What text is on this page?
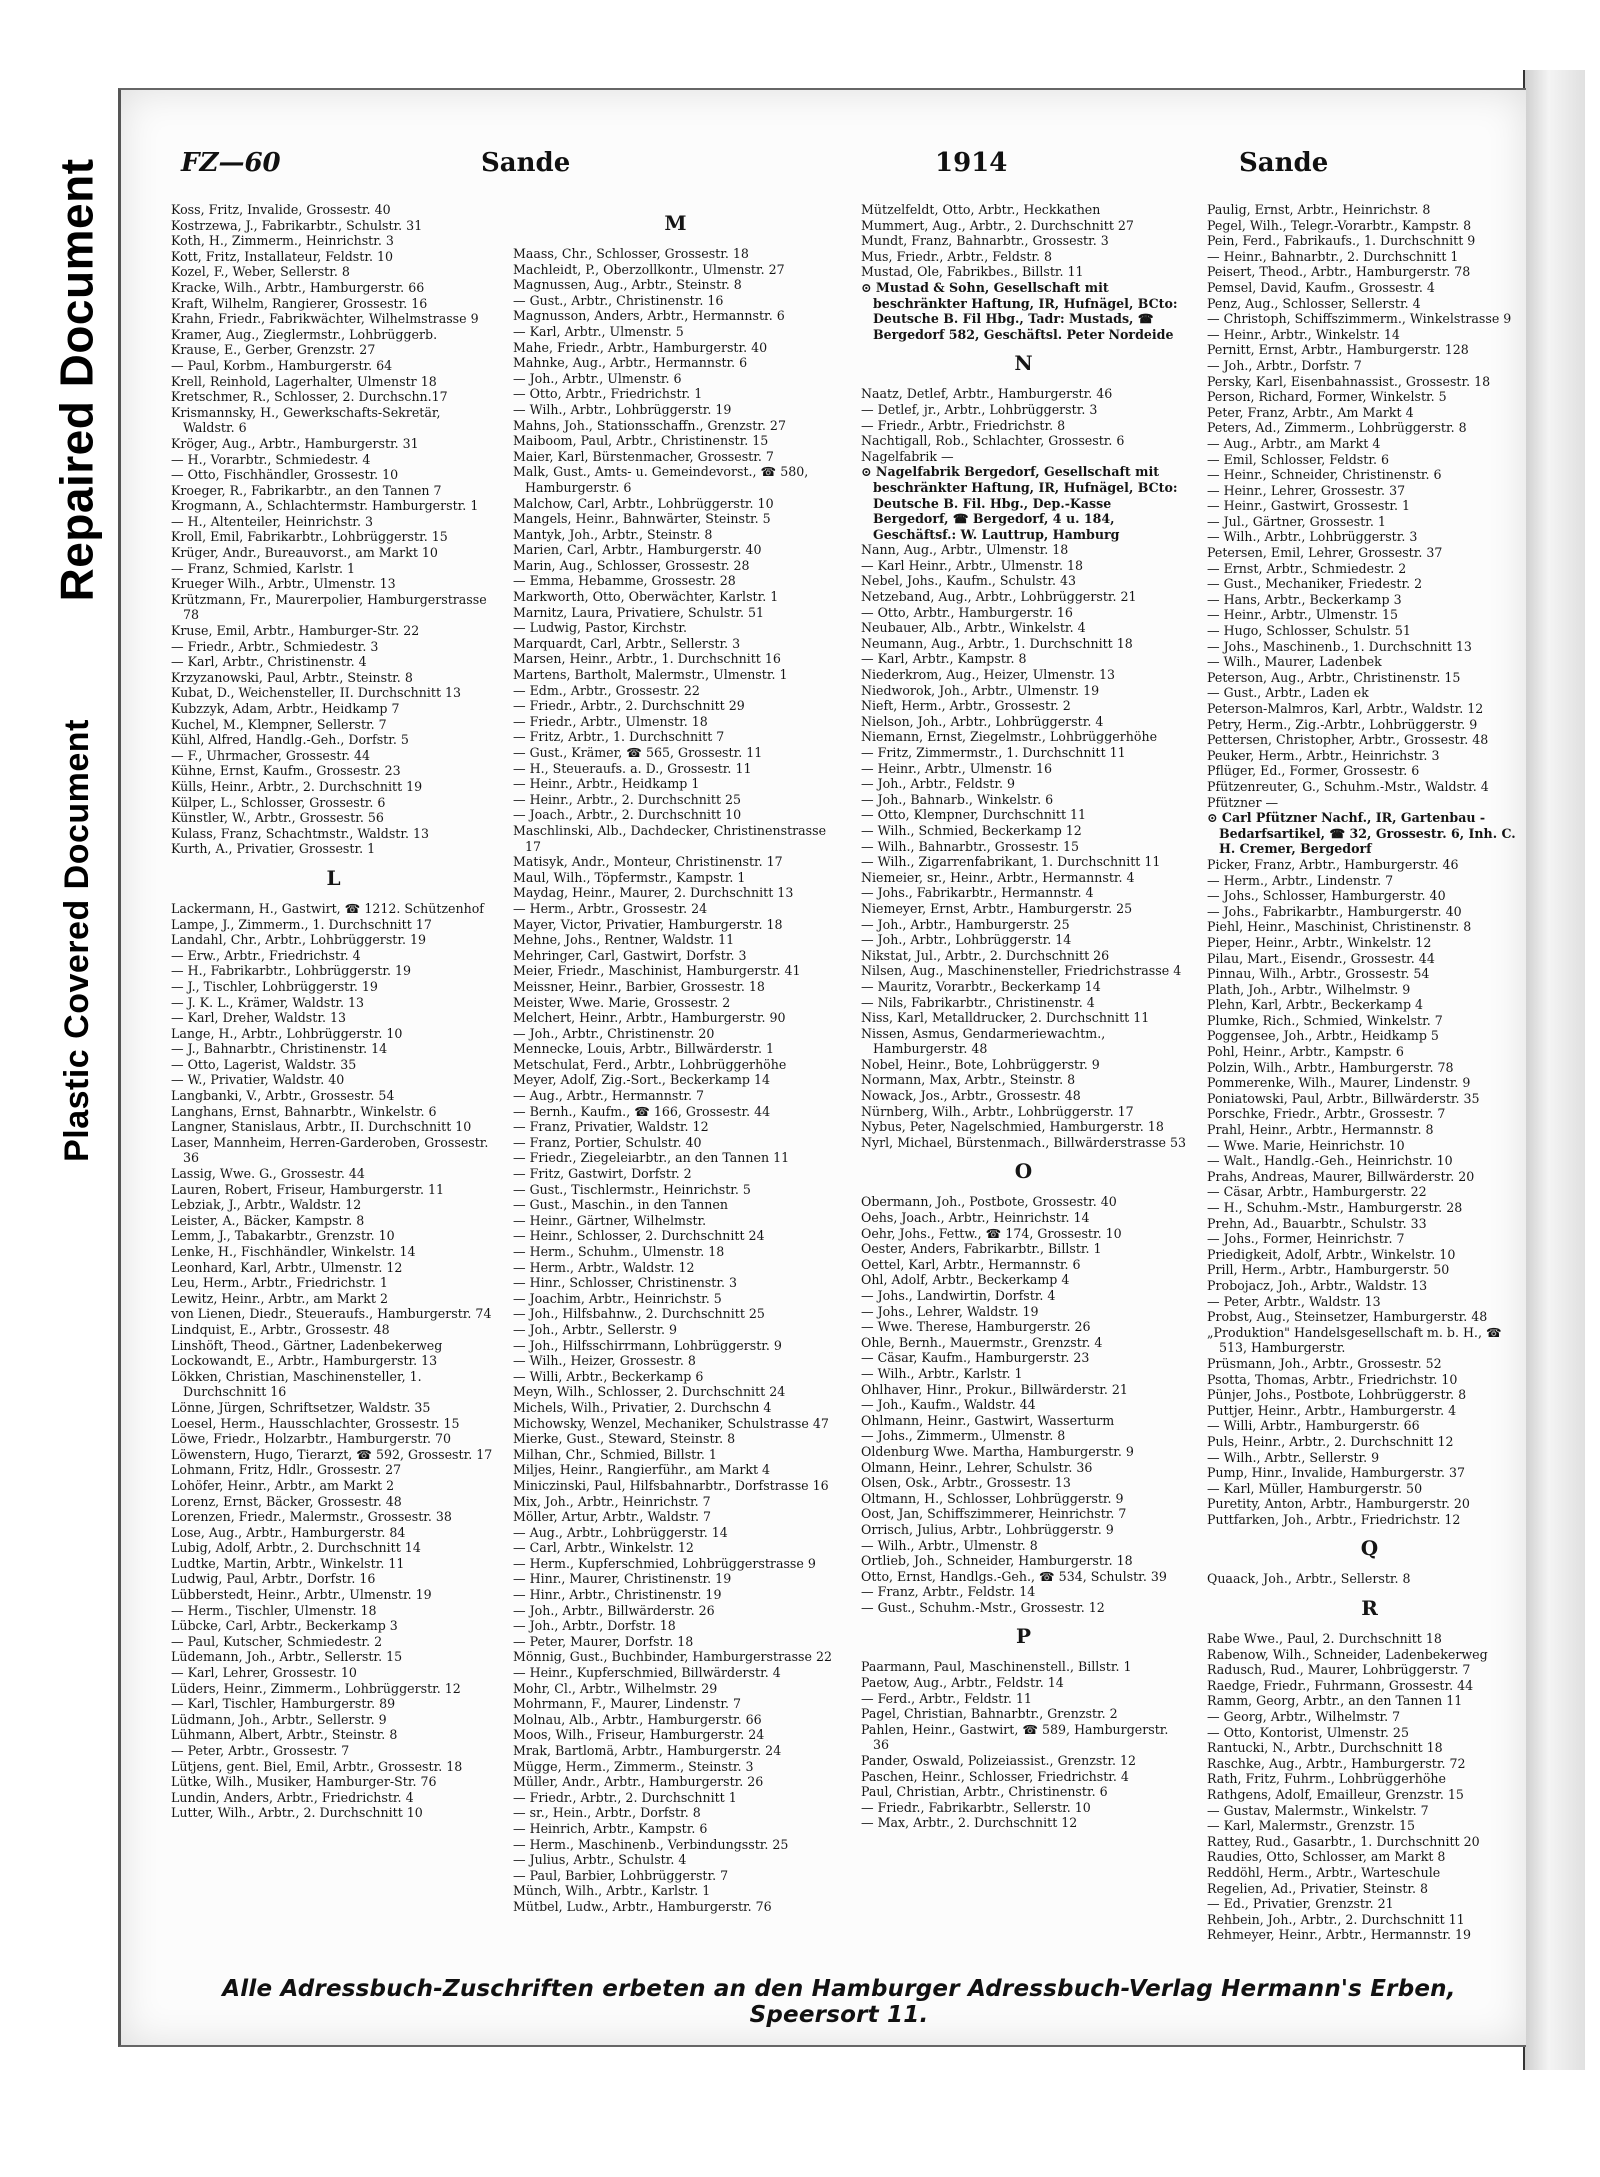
Repaired Document
Plastic Covered Document
FZ—60	Sande	1914	Sande
Koss, Fritz, Invalide, Grossestr. 40
Kostrzewa, J., Fabrikarbtr., Schulstr. 31
Koth, H., Zimmerm., Heinrichstr. 3
Kott, Fritz, Installateur, Feldstr. 10
Kozel, F., Weber, Sellerstr. 8
Kracke, Wilh., Arbtr., Hamburgerstr. 66
Kraft, Wilhelm, Rangierer, Grossestr. 16
Krahn, Friedr., Fabrikwächter, Wilhelmstrasse 9
Kramer, Aug., Zieglermstr., Lohbrüggerb.
Krause, E., Gerber, Grenzstr. 27
— Paul, Korbm., Hamburgerstr. 64
Krell, Reinhold, Lagerhalter, Ulmenstr 18
Kretschmer, R., Schlosser, 2. Durchschn.17
Krismannsky, H., Gewerkschafts-Sekretär, Waldstr. 6
Kröger, Aug., Arbtr., Hamburgerstr. 31
— H., Vorarbtr., Schmiedestr. 4
— Otto, Fischhändler, Grossestr. 10
Kroeger, R., Fabrikarbtr., an den Tannen 7
Krogmann, A., Schlachtermstr. Hamburgerstr. 1
— H., Altenteiler, Heinrichstr. 3
Kroll, Emil, Fabrikarbtr., Lohbrüggerstr. 15
Krüger, Andr., Bureauvorst., am Markt 10
— Franz, Schmied, Karlstr. 1
Krueger Wilh., Arbtr., Ulmenstr. 13
Krützmann, Fr., Maurerpolier, Hamburgerstrasse 78
Kruse, Emil, Arbtr., Hamburger-Str. 22
— Friedr., Arbtr., Schmiedestr. 3
— Karl, Arbtr., Christinenstr. 4
Krzyzanowski, Paul, Arbtr., Steinstr. 8
Kubat, D., Weichensteller, II. Durchschnitt 13
Kubzzyk, Adam, Arbtr., Heidkamp 7
Kuchel, M., Klempner, Sellerstr. 7
Kühl, Alfred, Handlg.-Geh., Dorfstr. 5
— F., Uhrmacher, Grossestr. 44
Kühne, Ernst, Kaufm., Grossestr. 23
Külls, Heinr., Arbtr., 2. Durchschnitt 19
Külper, L., Schlosser, Grossestr. 6
Künstler, W., Arbtr., Grossestr. 56
Kulass, Franz, Schachtmstr., Waldstr. 13
Kurth, A., Privatier, Grossestr. 1
L
Lackermann, H., Gastwirt, ☎ 1212. Schützenhof
Lampe, J., Zimmerm., 1. Durchschnitt 17
Landahl, Chr., Arbtr., Lohbrüggerstr. 19
— Erw., Arbtr., Friedrichstr. 4
— H., Fabrikarbtr., Lohbrüggerstr. 19
— J., Tischler, Lohbrüggerstr. 19
— J. K. L., Krämer, Waldstr. 13
— Karl, Dreher, Waldstr. 13
Lange, H., Arbtr., Lohbrüggerstr. 10
— J., Bahnarbtr., Christinenstr. 14
— Otto, Lagerist, Waldstr. 35
— W., Privatier, Waldstr. 40
Langbanki, V., Arbtr., Grossestr. 54
Langhans, Ernst, Bahnarbtr., Winkelstr. 6
Langner, Stanislaus, Arbtr., II. Durchschnitt 10
Laser, Mannheim, Herren-Garderoben, Grossestr. 36
Lassig, Wwe. G., Grossestr. 44
Lauren, Robert, Friseur, Hamburgerstr. 11
Lebziak, J., Arbtr., Waldstr. 12
Leister, A., Bäcker, Kampstr. 8
Lemm, J., Tabakarbtr., Grenzstr. 10
Lenke, H., Fischhändler, Winkelstr. 14
Leonhard, Karl, Arbtr., Ulmenstr. 12
Leu, Herm., Arbtr., Friedrichstr. 1
Lewitz, Heinr., Arbtr., am Markt 2
von Lienen, Diedr., Steueraufs., Hamburgerstr. 74
Lindquist, E., Arbtr., Grossestr. 48
Linshöft, Theod., Gärtner, Ladenbekerweg
Lockowandt, E., Arbtr., Hamburgerstr. 13
Lökken, Christian, Maschinensteller, 1. Durchschnitt 16
Lönne, Jürgen, Schriftsetzer, Waldstr. 35
Loesel, Herm., Hausschlachter, Grossestr. 15
Löwe, Friedr., Holzarbtr., Hamburgerstr. 70
Löwenstern, Hugo, Tierarzt, ☎ 592, Grossestr. 17
Lohmann, Fritz, Hdlr., Grossestr. 27
Lohöfer, Heinr., Arbtr., am Markt 2
Lorenz, Ernst, Bäcker, Grossestr. 48
Lorenzen, Friedr., Malermstr., Grossestr. 38
Lose, Aug., Arbtr., Hamburgerstr. 84
Lubig, Adolf, Arbtr., 2. Durchschnitt 14
Ludtke, Martin, Arbtr., Winkelstr. 11
Ludwig, Paul, Arbtr., Dorfstr. 16
Lübberstedt, Heinr., Arbtr., Ulmenstr. 19
— Herm., Tischler, Ulmenstr. 18
Lübcke, Carl, Arbtr., Beckerkamp 3
— Paul, Kutscher, Schmiedestr. 2
Lüdemann, Joh., Arbtr., Sellerstr. 15
— Karl, Lehrer, Grossestr. 10
Lüders, Heinr., Zimmerm., Lohbrüggerstr. 12
— Karl, Tischler, Hamburgerstr. 89
Lüdmann, Joh., Arbtr., Sellerstr. 9
Lühmann, Albert, Arbtr., Steinstr. 8
— Peter, Arbtr., Grossestr. 7
Lütjens, gent. Biel, Emil, Arbtr., Grossestr. 18
Lütke, Wilh., Musiker, Hamburger-Str. 76
Lundin, Anders, Arbtr., Friedrichstr. 4
Lutter, Wilh., Arbtr., 2. Durchschnitt 10
M
Maass, Chr., Schlosser, Grossestr. 18
Machleidt, P., Oberzollkontr., Ulmenstr. 27
Magnussen, Aug., Arbtr., Steinstr. 8
— Gust., Arbtr., Christinenstr. 16
Magnusson, Anders, Arbtr., Hermannstr. 6
— Karl, Arbtr., Ulmenstr. 5
Mahe, Friedr., Arbtr., Hamburgerstr. 40
Mahnke, Aug., Arbtr., Hermannstr. 6
— Joh., Arbtr., Ulmenstr. 6
— Otto, Arbtr., Friedrichstr. 1
— Wilh., Arbtr., Lohbrüggerstr. 19
Mahns, Joh., Stationsschaffn., Grenzstr. 27
Maiboom, Paul, Arbtr., Christinenstr. 15
Maier, Karl, Bürstenmacher, Grossestr. 7
Malk, Gust., Amts- u. Gemeindevorst., ☎ 580, Hamburgerstr. 6
Malchow, Carl, Arbtr., Lohbrüggerstr. 10
Mangels, Heinr., Bahnwärter, Steinstr. 5
Mantyk, Joh., Arbtr., Steinstr. 8
Marien, Carl, Arbtr., Hamburgerstr. 40
Marin, Aug., Schlosser, Grossestr. 28
— Emma, Hebamme, Grossestr. 28
Markworth, Otto, Oberwächter, Karlstr. 1
Marnitz, Laura, Privatiere, Schulstr. 51
— Ludwig, Pastor, Kirchstr.
Marquardt, Carl, Arbtr., Sellerstr. 3
Marsen, Heinr., Arbtr., 1. Durchschnitt 16
Martens, Bartholt, Malermstr., Ulmenstr. 1
— Edm., Arbtr., Grossestr. 22
— Friedr., Arbtr., 2. Durchschnitt 29
— Friedr., Arbtr., Ulmenstr. 18
— Fritz, Arbtr., 1. Durchschnitt 7
— Gust., Krämer, ☎ 565, Grossestr. 11
— H., Steueraufs. a. D., Grossestr. 11
— Heinr., Arbtr., Heidkamp 1
— Heinr., Arbtr., 2. Durchschnitt 25
— Joach., Arbtr., 2. Durchschnitt 10
Maschlinski, Alb., Dachdecker, Christinenstrasse 17
Matisyk, Andr., Monteur, Christinenstr. 17
Maul, Wilh., Töpfermstr., Kampstr. 1
Maydag, Heinr., Maurer, 2. Durchschnitt 13
— Herm., Arbtr., Grossestr. 24
Mayer, Victor, Privatier, Hamburgerstr. 18
Mehne, Johs., Rentner, Waldstr. 11
Mehringer, Carl, Gastwirt, Dorfstr. 3
Meier, Friedr., Maschinist, Hamburgerstr. 41
Meissner, Heinr., Barbier, Grossestr. 18
Meister, Wwe. Marie, Grossestr. 2
Melchert, Heinr., Arbtr., Hamburgerstr. 90
— Joh., Arbtr., Christinenstr. 20
Mennecke, Louis, Arbtr., Billwärderstr. 1
Metschulat, Ferd., Arbtr., Lohbrüggerhöhe
Meyer, Adolf, Zig.-Sort., Beckerkamp 14
— Aug., Arbtr., Hermannstr. 7
— Bernh., Kaufm., ☎ 166, Grossestr. 44
— Franz, Privatier, Waldstr. 12
— Franz, Portier, Schulstr. 40
— Friedr., Ziegeleiarbtr., an den Tannen 11
— Fritz, Gastwirt, Dorfstr. 2
— Gust., Tischlermstr., Heinrichstr. 5
— Gust., Maschin., in den Tannen
— Heinr., Gärtner, Wilhelmstr.
— Heinr., Schlosser, 2. Durchschnitt 24
— Herm., Schuhm., Ulmenstr. 18
— Herm., Arbtr., Waldstr. 12
— Hinr., Schlosser, Christinenstr. 3
— Joachim, Arbtr., Heinrichstr. 5
— Joh., Hilfsbahnw., 2. Durchschnitt 25
— Joh., Arbtr., Sellerstr. 9
— Joh., Hilfsschirrmann, Lohbrüggerstr. 9
— Wilh., Heizer, Grossestr. 8
— Willi, Arbtr., Beckerkamp 6
Meyn, Wilh., Schlosser, 2. Durchschnitt 24
Michels, Wilh., Privatier, 2. Durchschn 4
Michowsky, Wenzel, Mechaniker, Schulstrasse 47
Mierke, Gust., Steward, Steinstr. 8
Milhan, Chr., Schmied, Billstr. 1
Miljes, Heinr., Rangierführ., am Markt 4
Miniczinski, Paul, Hilfsbahnarbtr., Dorfstrasse 16
Mix, Joh., Arbtr., Heinrichstr. 7
Möller, Artur, Arbtr., Waldstr. 7
— Aug., Arbtr., Lohbrüggerstr. 14
— Carl, Arbtr., Winkelstr. 12
— Herm., Kupferschmied, Lohbrüggerstrasse 9
— Hinr., Maurer, Christinenstr. 19
— Hinr., Arbtr., Christinenstr. 19
— Joh., Arbtr., Billwärderstr. 26
— Joh., Arbtr., Dorfstr. 18
— Peter, Maurer, Dorfstr. 18
Mönnig, Gust., Buchbinder, Hamburgerstrasse 22
— Heinr., Kupferschmied, Billwärderstr. 4
Mohr, Cl., Arbtr., Wilhelmstr. 29
Mohrmann, F., Maurer, Lindenstr. 7
Molnau, Alb., Arbtr., Hamburgerstr. 66
Moos, Wilh., Friseur, Hamburgerstr. 24
Mrak, Bartlomä, Arbtr., Hamburgerstr. 24
Mügge, Herm., Zimmerm., Steinstr. 3
Müller, Andr., Arbtr., Hamburgerstr. 26
— Friedr., Arbtr., 2. Durchschnitt 1
— sr., Hein., Arbtr., Dorfstr. 8
— Heinrich, Arbtr., Kampstr. 6
— Herm., Maschinenb., Verbindungsstr. 25
— Julius, Arbtr., Schulstr. 4
— Paul, Barbier, Lohbrüggerstr. 7
Münch, Wilh., Arbtr., Karlstr. 1
Mütbel, Ludw., Arbtr., Hamburgerstr. 76
Mützelfeldt, Otto, Arbtr., Heckkathen
Mummert, Aug., Arbtr., 2. Durchschnitt 27
Mundt, Franz, Bahnarbtr., Grossestr. 3
Mus, Friedr., Arbtr., Feldstr. 8
Mustad, Ole, Fabrikbes., Billstr. 11
⊙ Mustad & Sohn, Gesellschaft mit beschränkter Haftung, IR, Hufnägel, BCto: Deutsche B. Fil Hbg., Tadr: Mustads, ☎ Bergedorf 582, Geschäftsl. Peter Nordeide
N
Naatz, Detlef, Arbtr., Hamburgerstr. 46
— Detlef, jr., Arbtr., Lohbrüggerstr. 3
— Friedr., Arbtr., Friedrichstr. 8
Nachtigall, Rob., Schlachter, Grossestr. 6
Nagelfabrik —
⊙ Nagelfabrik Bergedorf, Gesellschaft mit beschränkter Haftung, IR, Hufnägel, BCto: Deutsche B. Fil. Hbg., Dep.-Kasse Bergedorf, ☎ Bergedorf, 4 u. 184, Geschäftsf.: W. Lauttrup, Hamburg
Nann, Aug., Arbtr., Ulmenstr. 18
— Karl Heinr., Arbtr., Ulmenstr. 18
Nebel, Johs., Kaufm., Schulstr. 43
Netzeband, Aug., Arbtr., Lohbrüggerstr. 21
— Otto, Arbtr., Hamburgerstr. 16
Neubauer, Alb., Arbtr., Winkelstr. 4
Neumann, Aug., Arbtr., 1. Durchschnitt 18
— Karl, Arbtr., Kampstr. 8
Niederkrom, Aug., Heizer, Ulmenstr. 13
Niedworok, Joh., Arbtr., Ulmenstr. 19
Nieft, Herm., Arbtr., Grossestr. 2
Nielson, Joh., Arbtr., Lohbrüggerstr. 4
Niemann, Ernst, Ziegelmstr., Lohbrüggerhöhe
— Fritz, Zimmermstr., 1. Durchschnitt 11
— Heinr., Arbtr., Ulmenstr. 16
— Joh., Arbtr., Feldstr. 9
— Joh., Bahnarb., Winkelstr. 6
— Otto, Klempner, Durchschnitt 11
— Wilh., Schmied, Beckerkamp 12
— Wilh., Bahnarbtr., Grossestr. 15
— Wilh., Zigarrenfabrikant, 1. Durchschnitt 11
Niemeier, sr., Heinr., Arbtr., Hermannstr. 4
— Johs., Fabrikarbtr., Hermannstr. 4
Niemeyer, Ernst, Arbtr., Hamburgerstr. 25
— Joh., Arbtr., Hamburgerstr. 25
— Joh., Arbtr., Lohbrüggerstr. 14
Nikstat, Jul., Arbtr., 2. Durchschnitt 26
Nilsen, Aug., Maschinensteller, Friedrichstrasse 4
— Mauritz, Vorarbtr., Beckerkamp 14
— Nils, Fabrikarbtr., Christinenstr. 4
Niss, Karl, Metalldrucker, 2. Durchschnitt 11
Nissen, Asmus, Gendarmeriewachtm., Hamburgerstr. 48
Nobel, Heinr., Bote, Lohbrüggerstr. 9
Normann, Max, Arbtr., Steinstr. 8
Nowack, Jos., Arbtr., Grossestr. 48
Nürnberg, Wilh., Arbtr., Lohbrüggerstr. 17
Nybus, Peter, Nagelschmied, Hamburgerstr. 18
Nyrl, Michael, Bürstenmach., Billwärderstrasse 53
O
Obermann, Joh., Postbote, Grossestr. 40
Oehs, Joach., Arbtr., Heinrichstr. 14
Oehr, Johs., Fettw., ☎ 174, Grossestr. 10
Oester, Anders, Fabrikarbtr., Billstr. 1
Oettel, Karl, Arbtr., Hermannstr. 6
Ohl, Adolf, Arbtr., Beckerkamp 4
— Johs., Landwirtin, Dorfstr. 4
— Johs., Lehrer, Waldstr. 19
— Wwe. Therese, Hamburgerstr. 26
Ohle, Bernh., Mauermstr., Grenzstr. 4
— Cäsar, Kaufm., Hamburgerstr. 23
— Wilh., Arbtr., Karlstr. 1
Ohlhaver, Hinr., Prokur., Billwärderstr. 21
— Joh., Kaufm., Waldstr. 44
Ohlmann, Heinr., Gastwirt, Wasserturm
— Johs., Zimmerm., Ulmenstr. 8
Oldenburg Wwe. Martha, Hamburgerstr. 9
Olmann, Heinr., Lehrer, Schulstr. 36
Olsen, Osk., Arbtr., Grossestr. 13
Oltmann, H., Schlosser, Lohbrüggerstr. 9
Oost, Jan, Schiffszimmerer, Heinrichstr. 7
Orrisch, Julius, Arbtr., Lohbrüggerstr. 9
— Wilh., Arbtr., Ulmenstr. 8
Ortlieb, Joh., Schneider, Hamburgerstr. 18
Otto, Ernst, Handlgs.-Geh., ☎ 534, Schulstr. 39
— Franz, Arbtr., Feldstr. 14
— Gust., Schuhm.-Mstr., Grossestr. 12
P
Paarmann, Paul, Maschinenstell., Billstr. 1
Paetow, Aug., Arbtr., Feldstr. 14
— Ferd., Arbtr., Feldstr. 11
Pagel, Christian, Bahnarbtr., Grenzstr. 2
Pahlen, Heinr., Gastwirt, ☎ 589, Hamburgerstr. 36
Pander, Oswald, Polizeiassist., Grenzstr. 12
Paschen, Heinr., Schlosser, Friedrichstr. 4
Paul, Christian, Arbtr., Christinenstr. 6
— Friedr., Fabrikarbtr., Sellerstr. 10
— Max, Arbtr., 2. Durchschnitt 12
Paulig, Ernst, Arbtr., Heinrichstr. 8
Pegel, Wilh., Telegr.-Vorarbtr., Kampstr. 8
Pein, Ferd., Fabrikaufs., 1. Durchschnitt 9
— Heinr., Bahnarbtr., 2. Durchschnitt 1
Peisert, Theod., Arbtr., Hamburgerstr. 78
Pemsel, David, Kaufm., Grossestr. 4
Penz, Aug., Schlosser, Sellerstr. 4
— Christoph, Schiffszimmerm., Winkelstrasse 9
— Heinr., Arbtr., Winkelstr. 14
Pernitt, Ernst, Arbtr., Hamburgerstr. 128
— Joh., Arbtr., Dorfstr. 7
Persky, Karl, Eisenbahnassist., Grossestr. 18
Person, Richard, Former, Winkelstr. 5
Peter, Franz, Arbtr., Am Markt 4
Peters, Ad., Zimmerm., Lohbrüggerstr. 8
— Aug., Arbtr., am Markt 4
— Emil, Schlosser, Feldstr. 6
— Heinr., Schneider, Christinenstr. 6
— Heinr., Lehrer, Grossestr. 37
— Heinr., Gastwirt, Grossestr. 1
— Jul., Gärtner, Grossestr. 1
— Wilh., Arbtr., Lohbrüggerstr. 3
Petersen, Emil, Lehrer, Grossestr. 37
— Ernst, Arbtr., Schmiedestr. 2
— Gust., Mechaniker, Friedestr. 2
— Hans, Arbtr., Beckerkamp 3
— Heinr., Arbtr., Ulmenstr. 15
— Hugo, Schlosser, Schulstr. 51
— Johs., Maschinenb., 1. Durchschnitt 13
— Wilh., Maurer, Ladenbek
Peterson, Aug., Arbtr., Christinenstr. 15
— Gust., Arbtr., Laden ek
Peterson-Malmros, Karl, Arbtr., Waldstr. 12
Petry, Herm., Zig.-Arbtr., Lohbrüggerstr. 9
Pettersen, Christopher, Arbtr., Grossestr. 48
Peuker, Herm., Arbtr., Heinrichstr. 3
Pflüger, Ed., Former, Grossestr. 6
Pfützenreuter, G., Schuhm.-Mstr., Waldstr. 4
Pfützner —
⊙ Carl Pfützner Nachf., IR, Gartenbau - Bedarfsartikel, ☎ 32, Grossestr. 6, Inh. C. H. Cremer, Bergedorf
Picker, Franz, Arbtr., Hamburgerstr. 46
— Herm., Arbtr., Lindenstr. 7
— Johs., Schlosser, Hamburgerstr. 40
— Johs., Fabrikarbtr., Hamburgerstr. 40
Piehl, Heinr., Maschinist, Christinenstr. 8
Pieper, Heinr., Arbtr., Winkelstr. 12
Pilau, Mart., Eisendr., Grossestr. 44
Pinnau, Wilh., Arbtr., Grossestr. 54
Plath, Joh., Arbtr., Wilhelmstr. 9
Plehn, Karl, Arbtr., Beckerkamp 4
Plumke, Rich., Schmied, Winkelstr. 7
Poggensee, Joh., Arbtr., Heidkamp 5
Pohl, Heinr., Arbtr., Kampstr. 6
Polzin, Wilh., Arbtr., Hamburgerstr. 78
Pommerenke, Wilh., Maurer, Lindenstr. 9
Poniatowski, Paul, Arbtr., Billwärderstr. 35
Porschke, Friedr., Arbtr., Grossestr. 7
Prahl, Heinr., Arbtr., Hermannstr. 8
— Wwe. Marie, Heinrichstr. 10
— Walt., Handlg.-Geh., Heinrichstr. 10
Prahs, Andreas, Maurer, Billwärderstr. 20
— Cäsar, Arbtr., Hamburgerstr. 22
— H., Schuhm.-Mstr., Hamburgerstr. 28
Prehn, Ad., Bauarbtr., Schulstr. 33
— Johs., Former, Heinrichstr. 7
Priedigkeit, Adolf, Arbtr., Winkelstr. 10
Prill, Herm., Arbtr., Hamburgerstr. 50
Probojacz, Joh., Arbtr., Waldstr. 13
— Peter, Arbtr., Waldstr. 13
Probst, Aug., Steinsetzer, Hamburgerstr. 48
„Produktion" Handelsgesellschaft m. b. H., ☎ 513, Hamburgerstr.
Prüsmann, Joh., Arbtr., Grossestr. 52
Psotta, Thomas, Arbtr., Friedrichstr. 10
Pünjer, Johs., Postbote, Lohbrüggerstr. 8
Puttjer, Heinr., Arbtr., Hamburgerstr. 4
— Willi, Arbtr., Hamburgerstr. 66
Puls, Heinr., Arbtr., 2. Durchschnitt 12
— Wilh., Arbtr., Sellerstr. 9
Pump, Hinr., Invalide, Hamburgerstr. 37
— Karl, Müller, Hamburgerstr. 50
Puretity, Anton, Arbtr., Hamburgerstr. 20
Puttfarken, Joh., Arbtr., Friedrichstr. 12
Q
Quaack, Joh., Arbtr., Sellerstr. 8
R
Rabe Wwe., Paul, 2. Durchschnitt 18
Rabenow, Wilh., Schneider, Ladenbekerweg
Radusch, Rud., Maurer, Lohbrüggerstr. 7
Raedge, Friedr., Fuhrmann, Grossestr. 44
Ramm, Georg, Arbtr., an den Tannen 11
— Georg, Arbtr., Wilhelmstr. 7
— Otto, Kontorist, Ulmenstr. 25
Rantucki, N., Arbtr., Durchschnitt 18
Raschke, Aug., Arbtr., Hamburgerstr. 72
Rath, Fritz, Fuhrm., Lohbrüggerhöhe
Rathgens, Adolf, Emailleur, Grenzstr. 15
— Gustav, Malermstr., Winkelstr. 7
— Karl, Malermstr., Grenzstr. 15
Rattey, Rud., Gasarbtr., 1. Durchschnitt 20
Raudies, Otto, Schlosser, am Markt 8
Reddöhl, Herm., Arbtr., Warteschule
Regelien, Ad., Privatier, Steinstr. 8
— Ed., Privatier, Grenzstr. 21
Rehbein, Joh., Arbtr., 2. Durchschnitt 11
Rehmeyer, Heinr., Arbtr., Hermannstr. 19
Alle Adressbuch-Zuschriften erbeten an den Hamburger Adressbuch-Verlag Hermann's Erben, Speersort 11.
